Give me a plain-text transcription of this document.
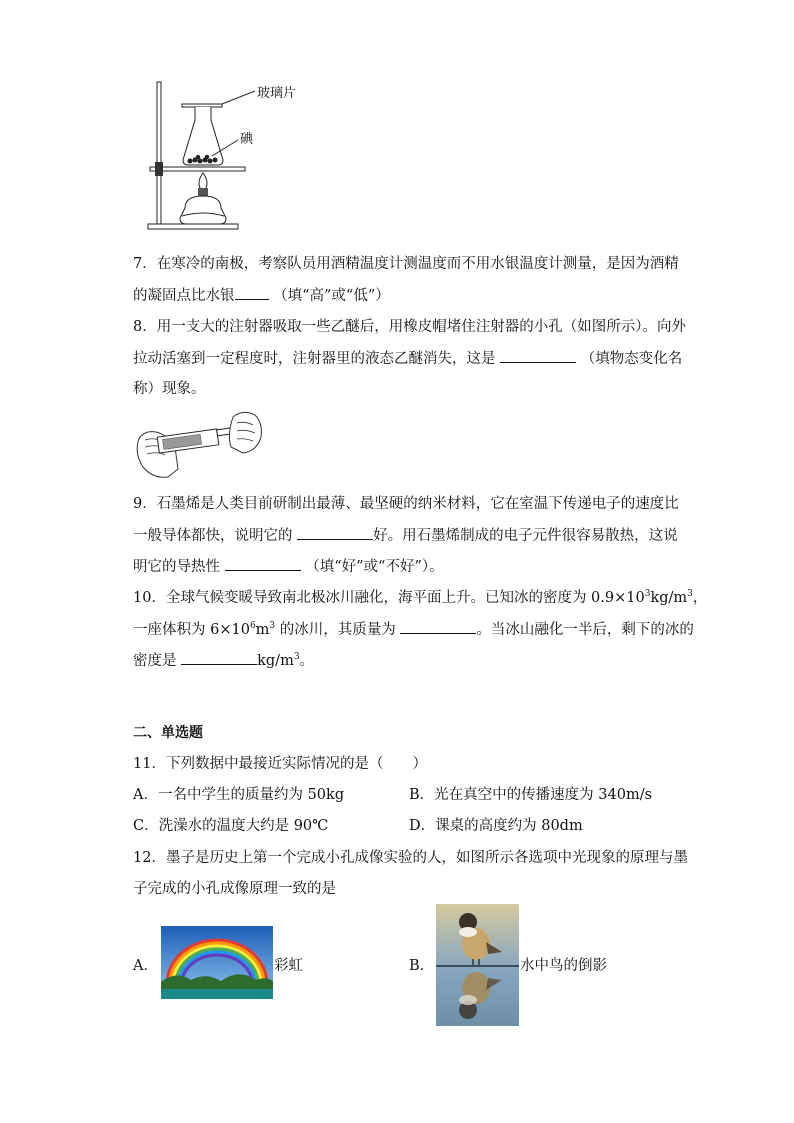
玻璃片
碘
7．在寒冷的南极，考察队员用酒精温度计测温度而不用水银温度计测量，是因为酒精
的凝固点比水银	（填“高”或“低”）
8．用一支大的注射器吸取一些乙醚后，用橡皮帽堵住注射器的小孔（如图所示）。向外
拉动活塞到一定程度时，注射器里的液态乙醚消失，这是	（填物态变化名
称）现象。
9．石墨烯是人类目前研制出最薄、最坚硬的纳米材料，它在室温下传递电子的速度比
一般导体都快，说明它的	好。用石墨烯制成的电子元件很容易散热，这说
明它的导热性	（填“好”或“不好”）。
10．全球气候变暖导致南北极冰川融化，海平面上升。已知冰的密度为 $0.9\times 10^3kg/m^3$，
一座体积为 $6\times 10^6m^3$ 的冰川，其质量为	。当冰山融化一半后，剩下的冰的
密度是	$kg/m^3$。
二、单选题
11．下列数据中最接近实际情况的是（　　）
A．一名中学生的质量约为 50kg	B．光在真空中的传播速度为 340m/s
C．洗澡水的温度大约是 90℃	D．课桌的高度约为 80dm
12．墨子是历史上第一个完成小孔成像实验的人，如图所示各选项中光现象的原理与墨
子完成的小孔成像原理一致的是
A．	彩虹	B．	水中鸟的倒影
